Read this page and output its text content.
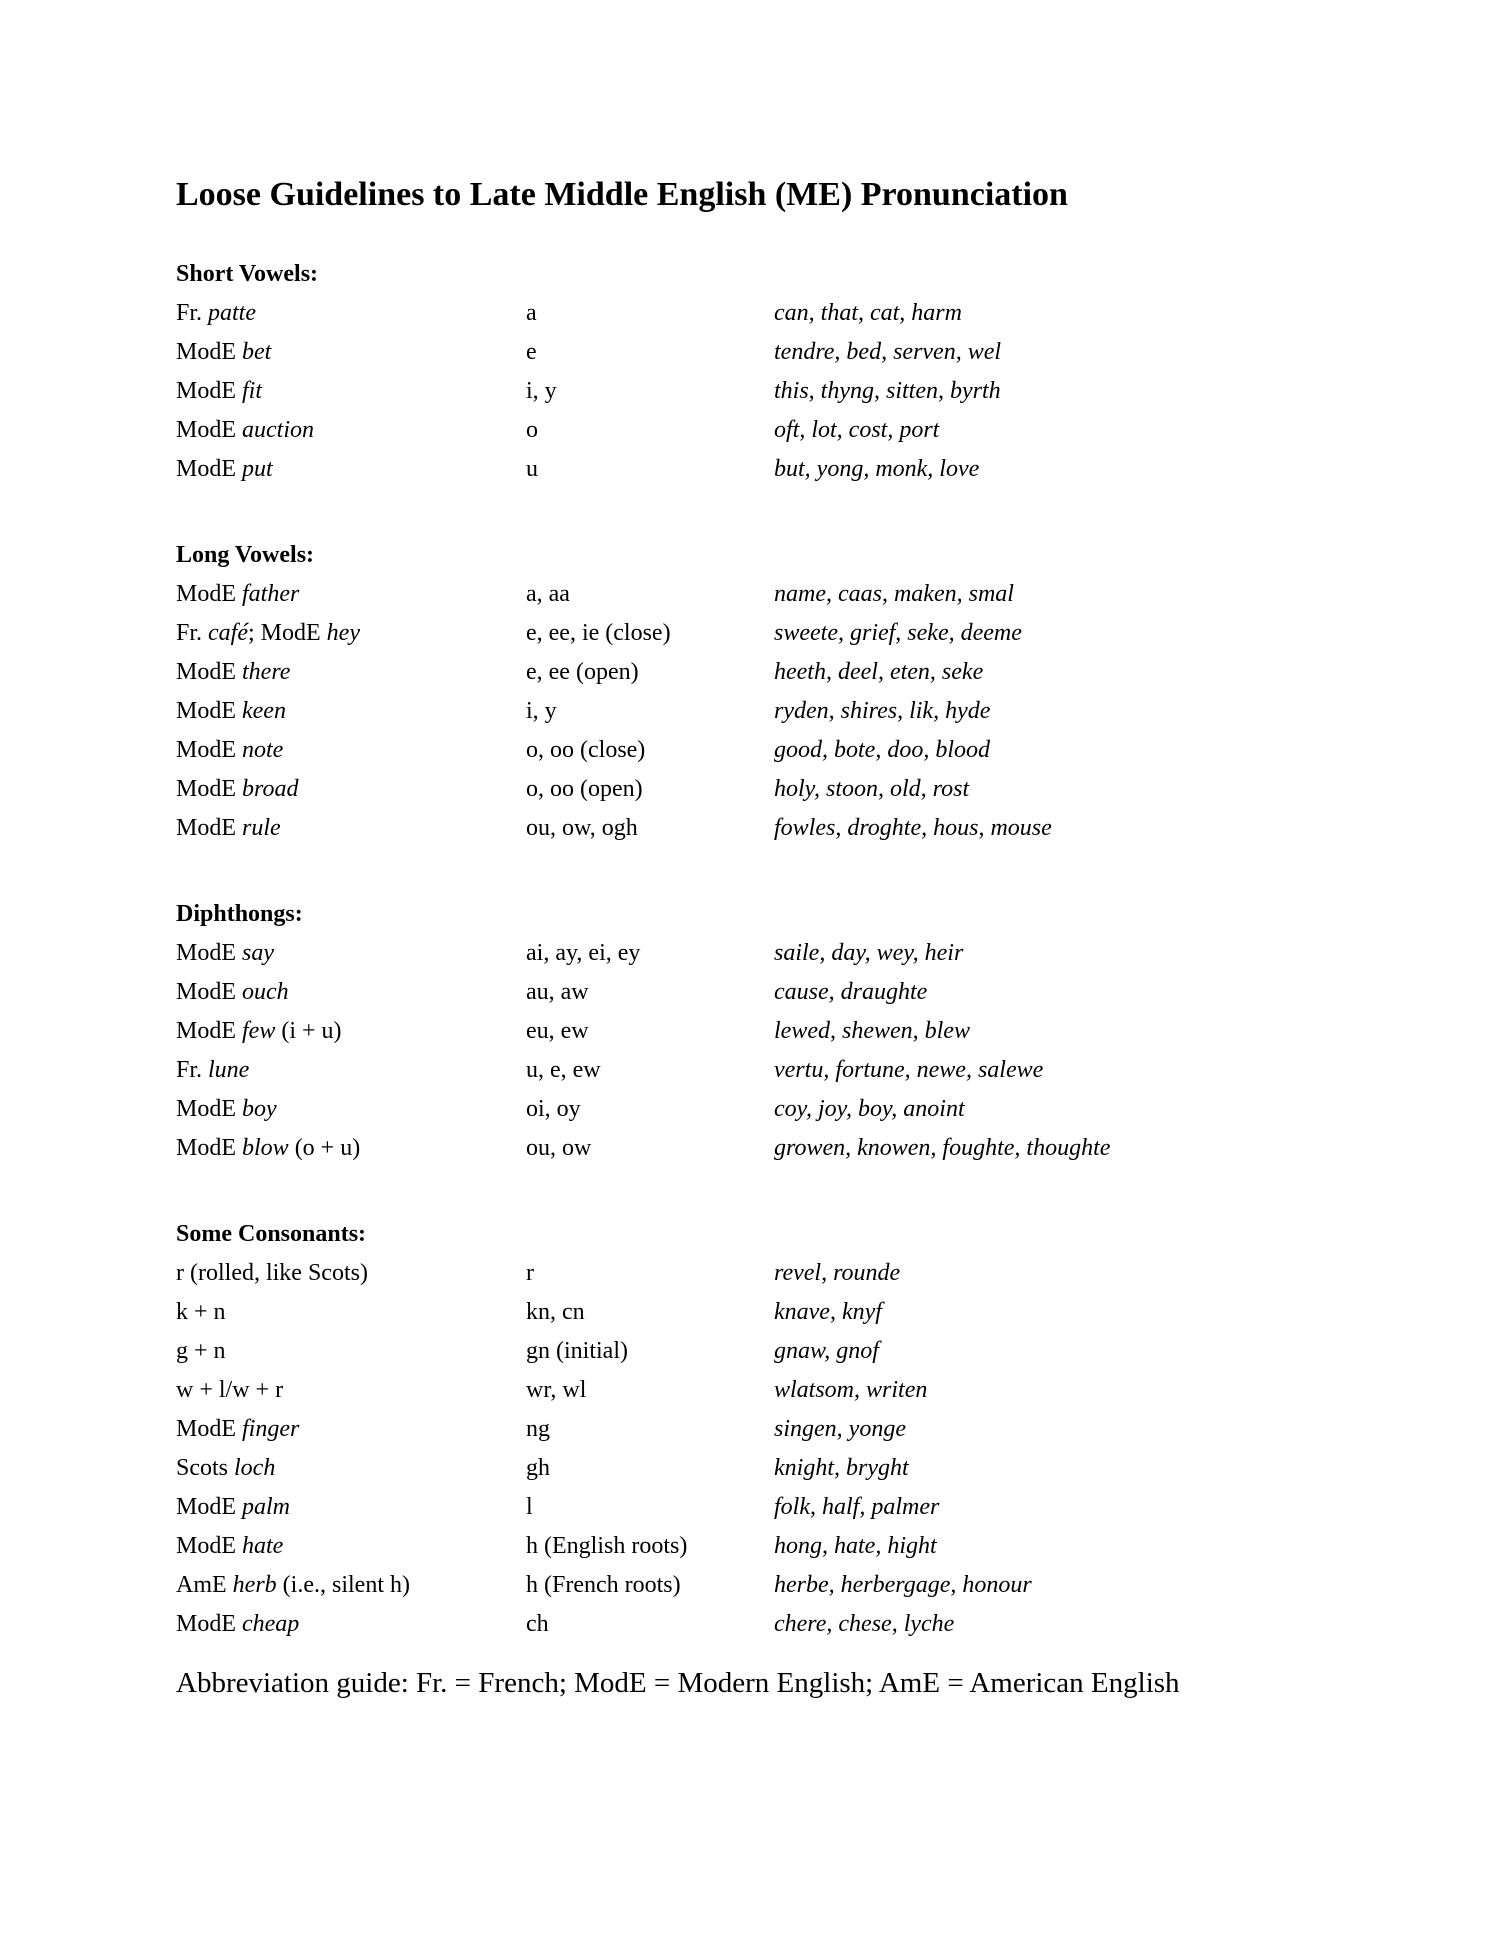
Loose Guidelines to Late Middle English (ME) Pronunciation
Short Vowels:
Fr. patte	a	can, that, cat, harm
ModE bet	e	tendre, bed, serven, wel
ModE fit	i, y	this, thyng, sitten, byrth
ModE auction	o	oft, lot, cost, port
ModE put	u	but, yong, monk, love
Long Vowels:
ModE father	a, aa	name, caas, maken, smal
Fr. café; ModE hey	e, ee, ie (close)	sweete, grief, seke, deeme
ModE there	e, ee (open)	heeth, deel, eten, seke
ModE keen	i, y	ryden, shires, lik, hyde
ModE note	o, oo (close)	good, bote, doo, blood
ModE broad	o, oo (open)	holy, stoon, old, rost
ModE rule	ou, ow, ogh	fowles, droghte, hous, mouse
Diphthongs:
ModE say	ai, ay, ei, ey	saile, day, wey, heir
ModE ouch	au, aw	cause, draughte
ModE few (i + u)	eu, ew	lewed, shewen, blew
Fr. lune	u, e, ew	vertu, fortune, newe, salewe
ModE boy	oi, oy	coy, joy, boy, anoint
ModE blow (o + u)	ou, ow	growen, knowen, foughte, thoughte
Some Consonants:
r (rolled, like Scots)	r	revel, rounde
k + n	kn, cn	knave, knyf
g + n	gn (initial)	gnaw, gnof
w + l/w + r	wr, wl	wlatsom, writen
ModE finger	ng	singen, yonge
Scots loch	gh	knight, bryght
ModE palm	l	folk, half, palmer
ModE hate	h (English roots)	hong, hate, hight
AmE herb (i.e., silent h)	h (French roots)	herbe, herbergage, honour
ModE cheap	ch	chere, chese, lyche
Abbreviation guide: Fr. = French; ModE = Modern English; AmE = American English
